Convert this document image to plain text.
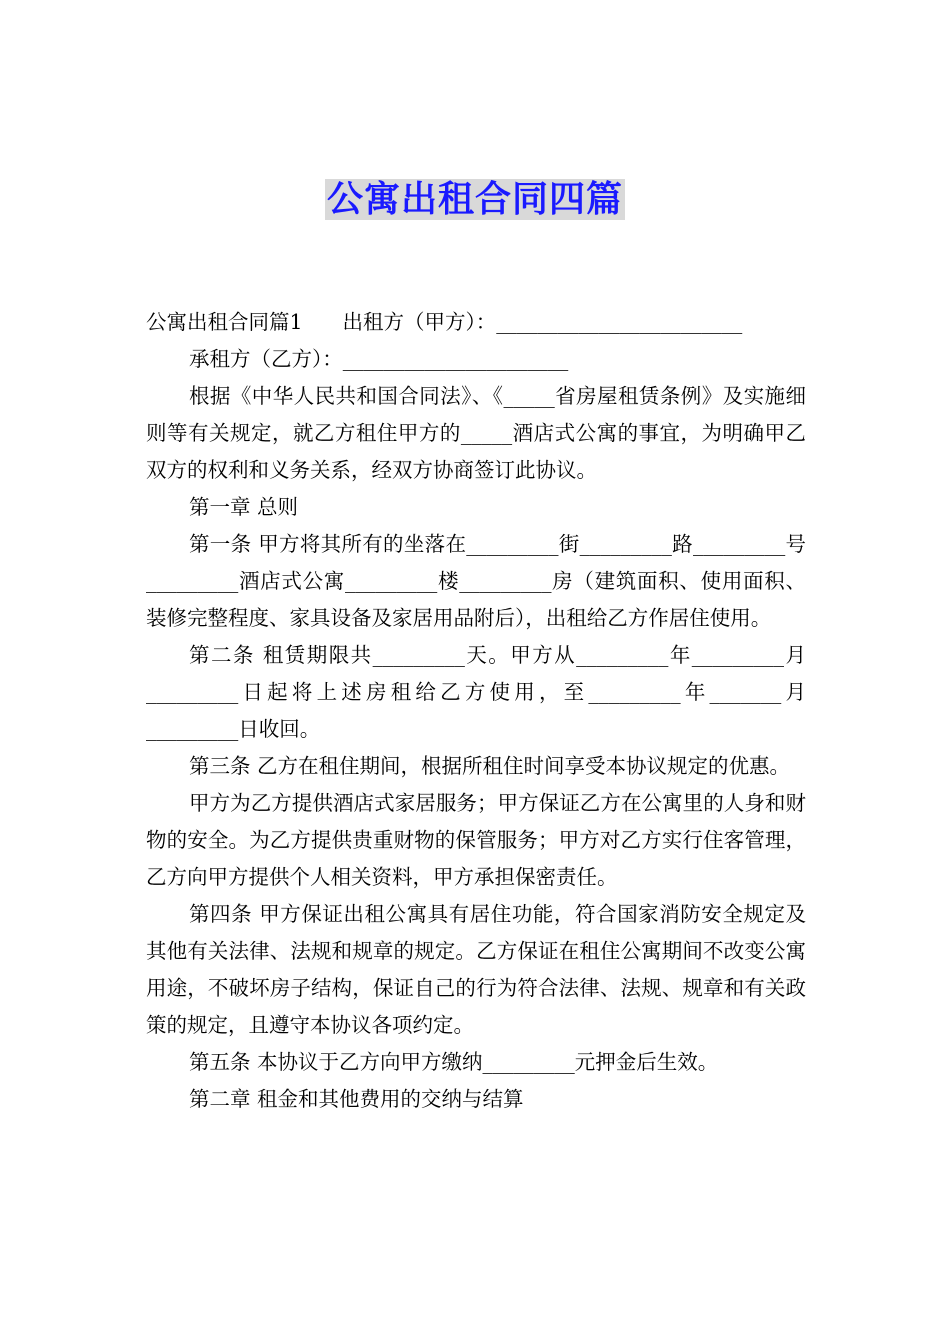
公寓出租合同四篇

公寓出租合同篇1 出租方（甲方）：________________________

承租方（乙方）：______________________

根据《中华人民共和国合同法》、《_____省房屋租赁条例》及实施细则等有关规定，就乙方租住甲方的_____酒店式公寓的事宜，为明确甲乙双方的权利和义务关系，经双方协商签订此协议。

第一章 总则

第一条 甲方将其所有的坐落在_________街_________路_________号_________酒店式公寓_________楼_________房（建筑面积、使用面积、装修完整程度、家具设备及家居用品附后），出租给乙方作居住使用。

第二条 租赁期限共_________天。甲方从_________年_________月_________日起将上述房租给乙方使用，至_________年_______月_________日收回。

第三条 乙方在租住期间，根据所租住时间享受本协议规定的优惠。

甲方为乙方提供酒店式家居服务；甲方保证乙方在公寓里的人身和财物的安全。为乙方提供贵重财物的保管服务；甲方对乙方实行住客管理，乙方向甲方提供个人相关资料，甲方承担保密责任。

第四条 甲方保证出租公寓具有居住功能，符合国家消防安全规定及其他有关法律、法规和规章的规定。乙方保证在租住公寓期间不改变公寓用途，不破坏房子结构，保证自己的行为符合法律、法规、规章和有关政策的规定，且遵守本协议各项约定。

第五条 本协议于乙方向甲方缴纳_________元押金后生效。

第二章 租金和其他费用的交纳与结算
